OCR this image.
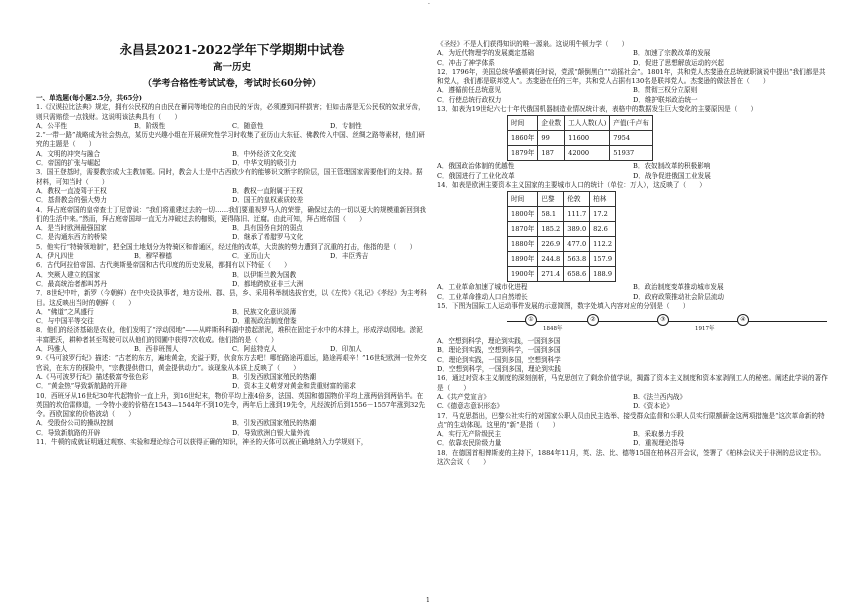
·
永昌县2021-2022学年下学期期中试卷
高一历史
（学考合格性考试试卷，考试时长60分钟）
一、单选题(每小题2.5分，共65分)

1.《汉谟拉比法典》规定，拥有公民权的自由民在蓄同等地位的自由民的牙齿，必须遵到同样损害；但如击落是无公民权的奴隶牙齿，则只需赔偿一点钱财。这说明该法典具有（　　）

A．公平性	B．阶级性	C．随意性	D．专制性

2.“一带一路”战略成为社会热点，某历史兴趣小组在开展研究性学习时收集了亚历山大东征、佛教传入中国、丝绸之路等素材，他们研究的主题是（　　）

A．文明的冲突与融合	B．中外经济文化交流
C．帝国的扩张与崛起	D．中华文明的吸引力

3．国王登基时，需要教宗或大主教加冕。同时，教会人士是中古西欧少有的能够识文断字的阶层，国王管理国家需要他们的支持。据材料，可知当时（　　）

A．教权一直凌驾于王权	B．教权一直附属于王权
C．基督教会的强大势力	D．国王的皇权素质较差

4．拜占庭帝国的皇帝查士丁尼曾说：“我们将重建过去的一切……我们要重视罗马人的荣誉，确保过去的一切以更大的规模重新回到我们的生活中来。”然而，拜占庭帝国却一直无力冲破过去的枷锁，更得陈旧、迂腐。由此可知，拜占庭帝国（　　）

A．是当时欧洲最强国家	B．具有国务自封的弱点
C．是沟通东西方的桥梁	D．继承了希腊罗马文化

5．他实行“特骑领地制”，把全国土地划分为特骑区和普通区，经过他的改革，大贵族的势力遭到了沉重的打击，他指的是（　　）

A．伊凡四世	B．穆罕穆德	C．亚历山大	D．丰臣秀吉

6．古代阿拉伯帝国、古代奥斯曼帝国和古代印度的历史发展，都拥有以下特征（　　）

A．突厥人建立的国家	B．以伊斯兰教为国教
C．最高统治者都叫苏丹	D．都地跨欧亚非三大洲

7．8世纪中叶，新罗（今朝鲜）在中央设执事者，地方设州、郡、县，乡、采用科举制选拔官吏，以《左传》《礼记》《孝经》为主考科目。这反映出当时的朝鲜（　　）

A．“佛道”之风盛行	B．民族文化意识淡薄
C．与中国平等交往	D．重视政治制度借鉴

8．他们的经济基础是农业，他们发明了“浮动园地”——从畔斯科科湖中捞起淤泥，堆积在固定于水中的木排上，形成浮动园地。淤泥丰富肥沃，耕种者甚至驾驶可以从他们的园圃中获得7次收成。他们指的是（　　）

A．玛雅人	B．西非班图人	C．阿兹特克人	D．印加人

9.《马可波罗行纪》描述：“古老的东方，遍地黄金，充溢于野，伙食东方去吧！哪怕路途再遥远，路途再艰辛！”16世纪欧洲一位外交官说，在东方的探险中，“宗教提供借口，黄金提供动力”。该现象从本质上反映了（　　）

A.《马可波罗行纪》描述极富夸张色彩	B．引发西欧国家殖民的热潮
C．“黄金热”导致新航路的开辟	D．资本主义萌芽对黄金和贵重财富的需求

10．西班牙从16世纪30年代起物价一直上升，到16世纪末，物价平均上涨4倍多，法国、英国和德国物价平均上涨两倍到两倍半。在英国的坎伯雷修道，一令特小麦的价格在1543—1544年不到10先令，两年后上涨到19先令，凡经波折后到1556－1557年涨到32先令。西欧国家的价格波动（　　）

A．受股份公司的操纵控制	B．引发西欧国家殖民的热潮
C．导致新航路的开辟	D．导致欧洲白银大量外流

11．牛顿的成就证明通过观察、实验和理论综合可以获得正确的知识，神圣的天体可以被正确地纳入力学规则下，

《圣经》不是人们获得知识的唯一源泉。这说明牛顿力学（　　）

A．为近代物理学的发展奠定基础	B．加速了宗教改革的发展
C．冲击了神学体系	D．促进了思想解放运动的兴起

12．1796年，美国总统华盛顿离任时说，党派“颠倒黑白”“动摇社会”。1801年，共和党人杰斐逊在总统就职演说中提出“我们都是共和党人，我们都是联邦党人”。杰斐逊在任的三年，共和党人占据有130名是联邦党人。杰斐逊的做法旨在（　　）

A．遵循前任总统意见	B．贯彻三权分立原则
C．行使总统行政权力	D．维护联邦政治统一

13．如表为19世纪六七十年代俄国机器制造业情况统计表，表格中的数据发生巨大变化的主要原因是（　　）

时间	企业数	工人人数(人)	产值(千卢布
1860年	99	11600	7954
1879年	187	42000	51937
A．俄国政治体制的优越性	B．农奴制改革的积极影响
C．俄国进行了工业化改革	D．战争促进俄国工业发展

14．如表是欧洲主要资本主义国家的主要城市人口的统计（单位：万人），这反映了（　　）

时间	巴黎	伦敦	柏林
1800年	58.1	111.7	17.2
1870年	185.2	389.0	82.6
1880年	226.9	477.0	112.2
1890年	244.8	563.8	157.9
1900年	271.4	658.6	188.9
A．工业革命加速了城市化进程	B．政治制度变革推动城市发展
C．工业革命推动人口自然增长	D．政府政策推动社会阶层流动

15．下图为国际工人运动事件发展的示意简图，数字处填入内容对应的分别是（　　）

①	②	③	④
1848年	1917年

A．空想到科学，理论到实践，一国到多国

B．理论到实践，空想到科学，一国到多国

C．理论到实践，一国到多国，空想到科学

D．空想到科学，一国到多国，理论到实践

16．通过对资本主义制度的深刻剖析，马克思创立了剩余价值学说，揭露了资本主义制度和资本家剥削工人的秘密。阐述此学说的著作是（　　）

A.《共产党宣言》	B.《法兰西内战》
C.《德意志意识形态》	D.《资本论》

17．马克思指出，巴黎公社实行的对国家公职人员由民主选举、接受群众监督和公职人员实行限额薪金这两项措施是“这次革命新的特点”的生动体现。这里的“新”是指（　　）

A．实行无产阶级民主	B．采取暴力手段
C．依靠农民阶级力量	D．重视理论指导

18．在德国首相俾斯麦的主持下，1884年11月，英、法、比、德等15国在柏林召开会议，签署了《柏林会议关于非洲的总议定书》。这次会议（　　）

1
